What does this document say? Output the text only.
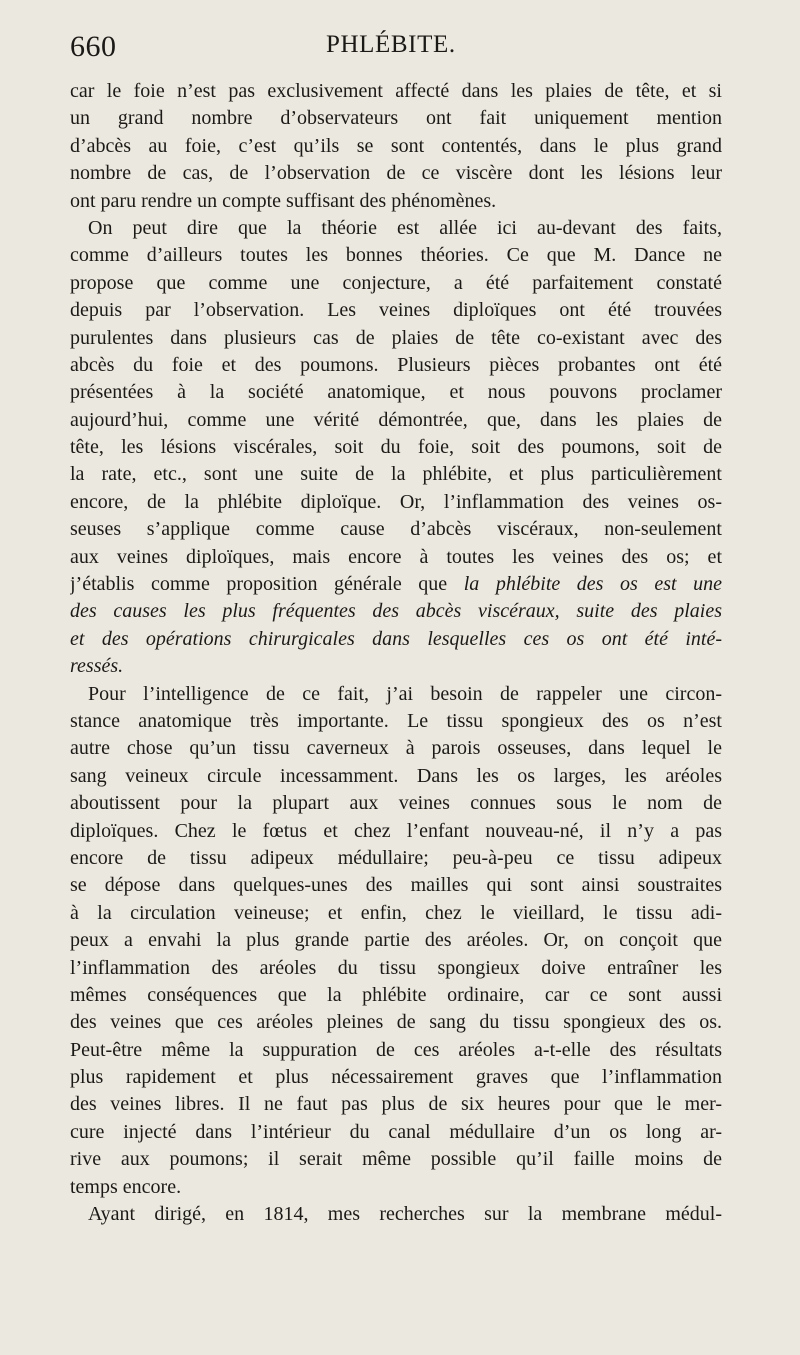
660	PHLÉBITE.
car le foie n’est pas exclusivement affecté dans les plaies de tête, et si
un grand nombre d’observateurs ont fait uniquement mention
d’abcès au foie, c’est qu’ils se sont contentés, dans le plus grand
nombre de cas, de l’observation de ce viscère dont les lésions leur
ont paru rendre un compte suffisant des phénomènes.
On peut dire que la théorie est allée ici au-devant des faits,
comme d’ailleurs toutes les bonnes théories. Ce que M. Dance ne
propose que comme une conjecture, a été parfaitement constaté
depuis par l’observation. Les veines diploïques ont été trouvées
purulentes dans plusieurs cas de plaies de tête co-existant avec des
abcès du foie et des poumons. Plusieurs pièces probantes ont été
présentées à la société anatomique, et nous pouvons proclamer
aujourd’hui, comme une vérité démontrée, que, dans les plaies de
tête, les lésions viscérales, soit du foie, soit des poumons, soit de
la rate, etc., sont une suite de la phlébite, et plus particulièrement
encore, de la phlébite diploïque. Or, l’inflammation des veines os-
seuses s’applique comme cause d’abcès viscéraux, non-seulement
aux veines diploïques, mais encore à toutes les veines des os; et
j’établis comme proposition générale que la phlébite des os est une
des causes les plus fréquentes des abcès viscéraux, suite des plaies
et des opérations chirurgicales dans lesquelles ces os ont été inté-
ressés.
Pour l’intelligence de ce fait, j’ai besoin de rappeler une circon-
stance anatomique très importante. Le tissu spongieux des os n’est
autre chose qu’un tissu caverneux à parois osseuses, dans lequel le
sang veineux circule incessamment. Dans les os larges, les aréoles
aboutissent pour la plupart aux veines connues sous le nom de
diploïques. Chez le fœtus et chez l’enfant nouveau-né, il n’y a pas
encore de tissu adipeux médullaire; peu-à-peu ce tissu adipeux
se dépose dans quelques-unes des mailles qui sont ainsi soustraites
à la circulation veineuse; et enfin, chez le vieillard, le tissu adi-
peux a envahi la plus grande partie des aréoles. Or, on conçoit que
l’inflammation des aréoles du tissu spongieux doive entraîner les
mêmes conséquences que la phlébite ordinaire, car ce sont aussi
des veines que ces aréoles pleines de sang du tissu spongieux des os.
Peut-être même la suppuration de ces aréoles a-t-elle des résultats
plus rapidement et plus nécessairement graves que l’inflammation
des veines libres. Il ne faut pas plus de six heures pour que le mer-
cure injecté dans l’intérieur du canal médullaire d’un os long ar-
rive aux poumons; il serait même possible qu’il faille moins de
temps encore.
Ayant dirigé, en 1814, mes recherches sur la membrane médul-
